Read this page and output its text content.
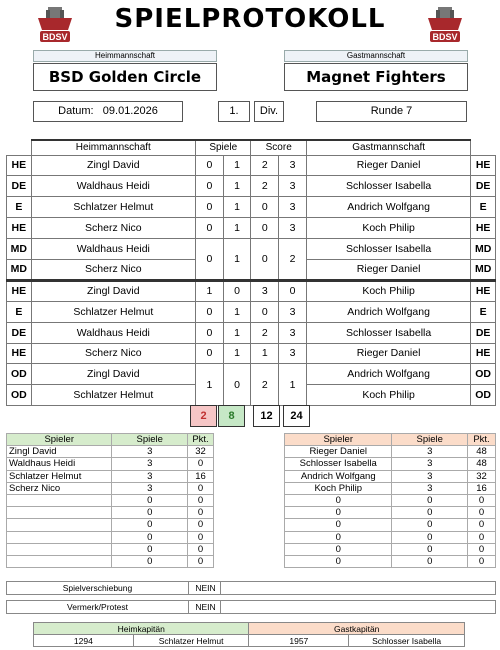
BDSV	BDSV
SPIELPROTOKOLL
Heimmannschaft	Gastmannschaft
BSD Golden Circle	Magnet Fighters
Datum: 09.01.2026	1.	Div.	Runde 7
	Heimmannschaft	Spiele		Score		Gastmannschaft	
HE	Zingl David	0	1	2	3	Rieger Daniel	HE
DE	Waldhaus Heidi	0	1	2	3	Schlosser Isabella	DE
E	Schlatzer Helmut	0	1	0	3	Andrich Wolfgang	E
HE	Scherz Nico	0	1	0	3	Koch Philip	HE
MD	Waldhaus Heidi	0	1	0	2	Schlosser Isabella	MD
MD	Scherz Nico					Rieger Daniel	MD
HE	Zingl David	1	0	3	0	Koch Philip	HE
E	Schlatzer Helmut	0	1	0	3	Andrich Wolfgang	E
DE	Waldhaus Heidi	0	1	2	3	Schlosser Isabella	DE
HE	Scherz Nico	0	1	1	3	Rieger Daniel	HE
OD	Zingl David	1	0	2	1	Andrich Wolfgang	OD
OD	Schlatzer Helmut					Koch Philip	OD
2	8	12	24
Spieler	Spiele	Pkt.
Zingl David	3	32
Waldhaus Heidi	3	0
Schlatzer Helmut	3	16
Scherz Nico	3	0
	0	0
	0	0
	0	0
	0	0
	0	0
	0	0
Spieler	Spiele	Pkt.
Rieger Daniel	3	48
Schlosser Isabella	3	48
Andrich Wolfgang	3	32
Koch Philip	3	16
0	0	0
0	0	0
0	0	0
0	0	0
0	0	0
0	0	0
Spielverschiebung	NEIN
Vermerk/Protest	NEIN
Heimkapitän		Gastkapitän	
1294	Schlatzer Helmut	1957	Schlosser Isabella
